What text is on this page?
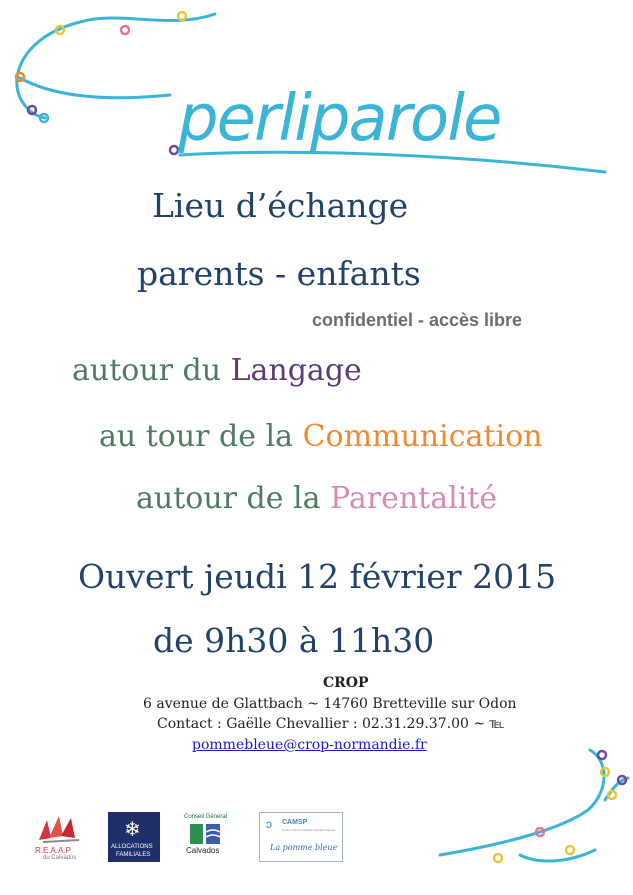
perliparole
Lieu d’échange
parents - enfants
confidentiel - accès libre
autour du Langage
au tour de la Communication
autour de la Parentalité
Ouvert jeudi 12 février 2015
de 9h30 à 11h30
CROP
6 avenue de Glattbach ~ 14760 Bretteville sur Odon
Contact : Gaëlle Chevallier : 02.31.29.37.00 ~ ℡
pommebleue@crop-normandie.fr
R.E.A.A.P
du Calvados
❄
ALLOCATIONS
FAMILIALES
Conseil Général
Calvados
ↄ CAMSP
Centre d'Action Médico-Sociale Précoce
La pomme bleue
